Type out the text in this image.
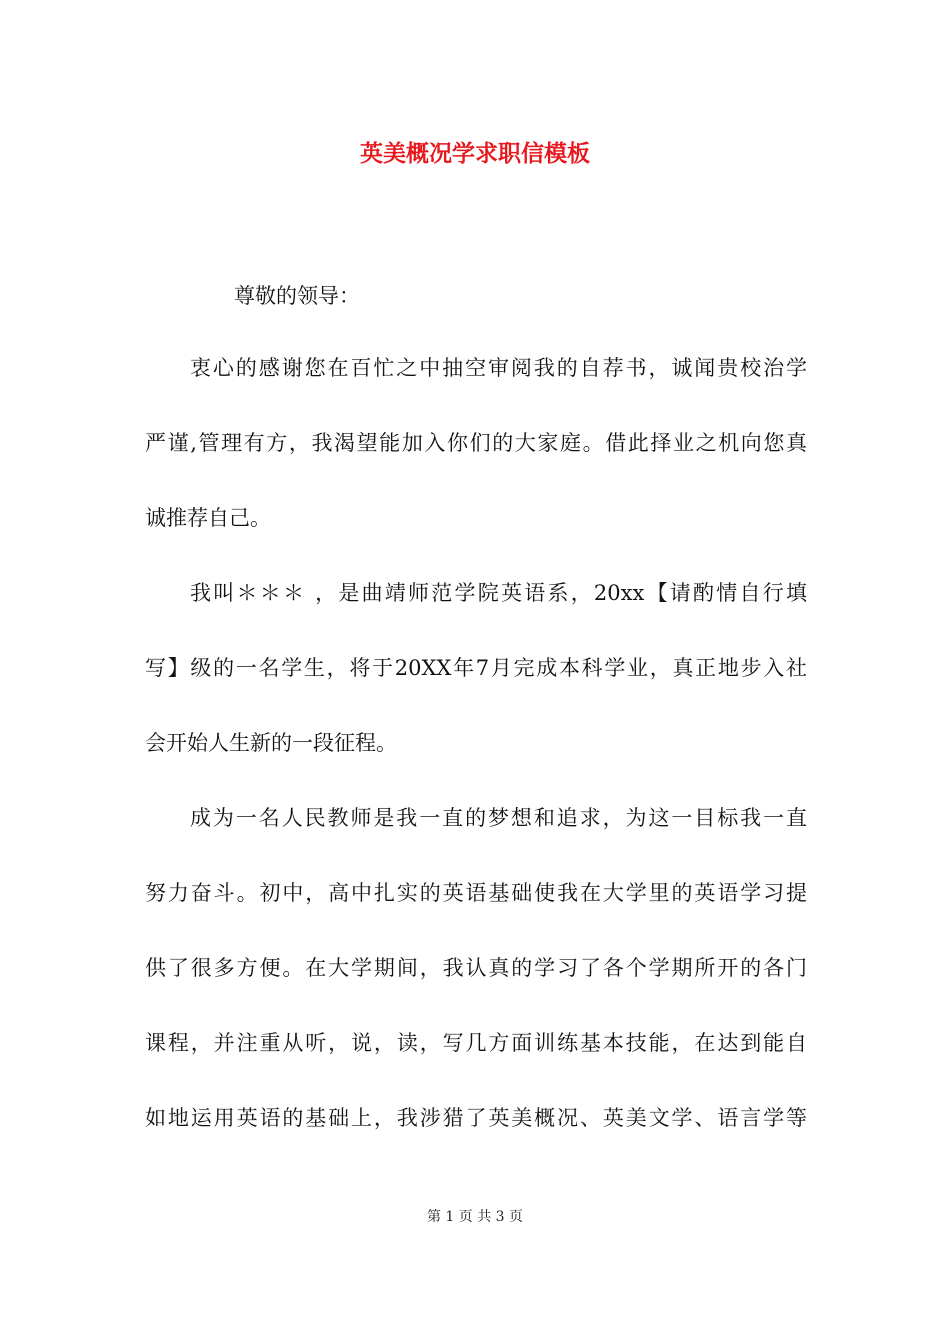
英美概况学求职信模板
尊敬的领导：
衷心的感谢您在百忙之中抽空审阅我的自荐书，诚闻贵校治学
严谨,管理有方，我渴望能加入你们的大家庭。借此择业之机向您真
诚推荐自己。
我叫＊＊＊ ，是曲靖师范学院英语系，20xx【请酌情自行填
写】级的一名学生，将于20XX年7月完成本科学业，真正地步入社
会开始人生新的一段征程。
成为一名人民教师是我一直的梦想和追求，为这一目标我一直
努力奋斗。初中，高中扎实的英语基础使我在大学里的英语学习提
供了很多方便。在大学期间，我认真的学习了各个学期所开的各门
课程，并注重从听，说，读，写几方面训练基本技能，在达到能自
如地运用英语的基础上，我涉猎了英美概况、英美文学、语言学等
第 1 页 共 3 页
